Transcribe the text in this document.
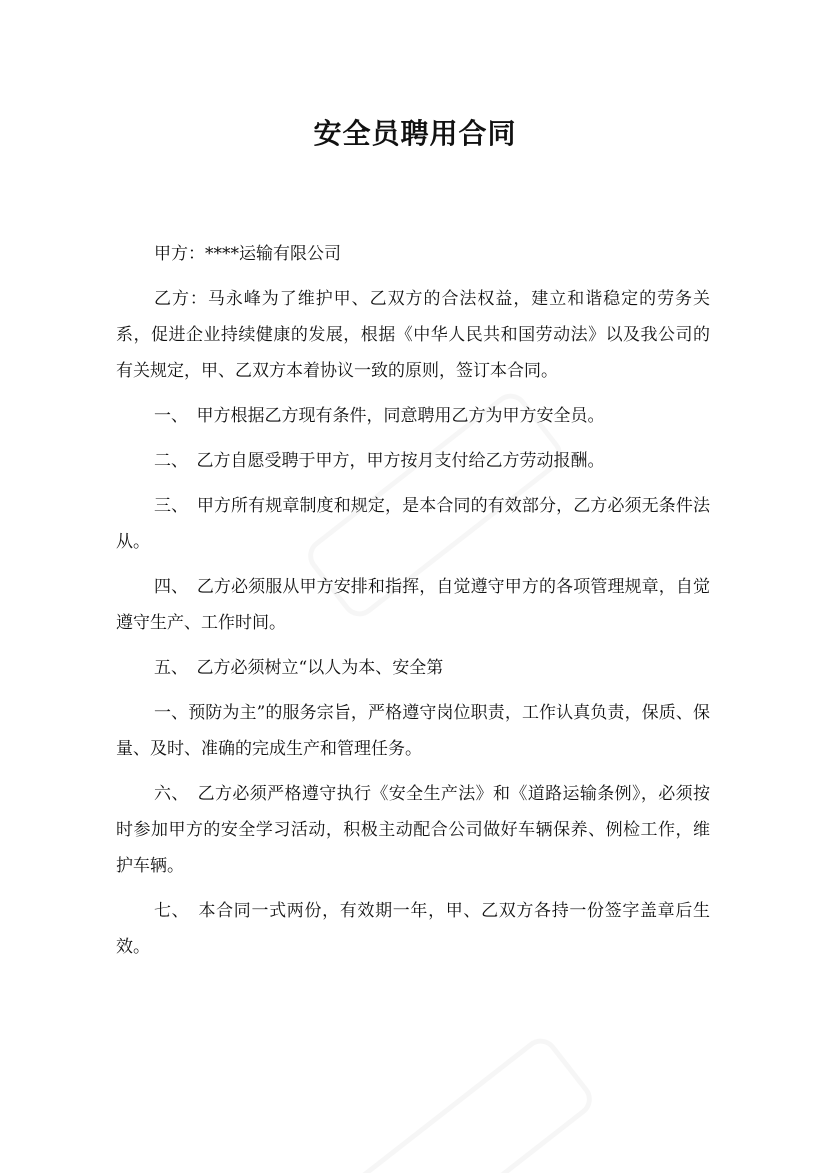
安全员聘用合同

甲方：****运输有限公司

乙方：马永峰为了维护甲、乙双方的合法权益，建立和谐稳定的劳务关系，促进企业持续健康的发展，根据《中华人民共和国劳动法》以及我公司的有关规定，甲、乙双方本着协议一致的原则，签订本合同。

一、　甲方根据乙方现有条件，同意聘用乙方为甲方安全员。

二、　乙方自愿受聘于甲方，甲方按月支付给乙方劳动报酬。

三、　甲方所有规章制度和规定，是本合同的有效部分，乙方必须无条件法从。

四、　乙方必须服从甲方安排和指挥，自觉遵守甲方的各项管理规章，自觉遵守生产、工作时间。

五、　乙方必须树立“以人为本、安全第

一、预防为主”的服务宗旨，严格遵守岗位职责，工作认真负责，保质、保量、及时、准确的完成生产和管理任务。

六、　乙方必须严格遵守执行《安全生产法》和《道路运输条例》，必须按时参加甲方的安全学习活动，积极主动配合公司做好车辆保养、例检工作，维护车辆。

七、　本合同一式两份，有效期一年，甲、乙双方各持一份签字盖章后生效。
